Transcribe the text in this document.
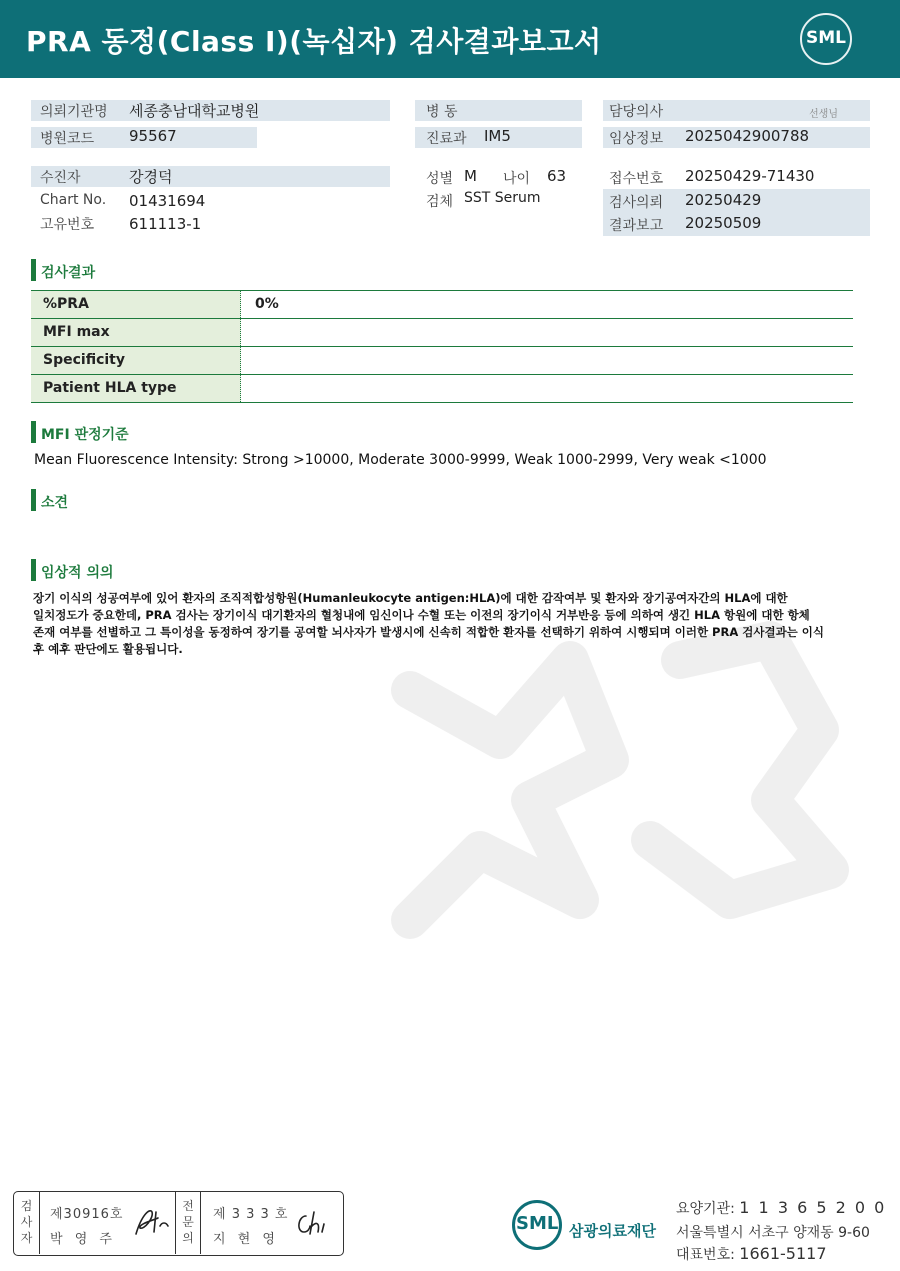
PRA 동정(Class I)(녹십자) 검사결과보고서	SML
의뢰기관명 세종충남대학교병원
병원코드 95567
수진자	강경덕
Chart No. 01431694
고유번호 611113-1
병 동
진료과 IM5
성별 M 나이 63
검체 SST Serum
담당의사	선생님
임상정보 2025042900788
접수번호 20250429-71430
검사의뢰 20250429
결과보고 20250509
검사결과
%PRA	0%
MFI max
Specificity
Patient HLA type
MFI 판정기준
Mean Fluorescence Intensity: Strong >10000, Moderate 3000-9999, Weak 1000-2999, Very weak <1000
소견
임상적 의의
장기 이식의 성공여부에 있어 환자의 조직적합성항원(Humanleukocyte antigen:HLA)에 대한 감작여부 및 환자와 장기공여자간의 HLA에 대한
일치정도가 중요한데, PRA 검사는 장기이식 대기환자의 혈청내에 임신이나 수혈 또는 이전의 장기이식 거부반응 등에 의하여 생긴 HLA 항원에 대한 항체
존재 여부를 선별하고 그 특이성을 동정하여 장기를 공여할 뇌사자가 발생시에 신속히 적합한 환자를 선택하기 위하여 시행되며 이러한 PRA 검사결과는 이식
후 예후 판단에도 활용됩니다.
검
사
자
제30916호
박 영 주
전
문
의
제 3 3 3 호
지 현 영
SML 삼광의료재단
요양기관: 1 1 3 6 5 2 0 0
서울특별시 서초구 양재동 9-60
대표번호: 1661-5117
